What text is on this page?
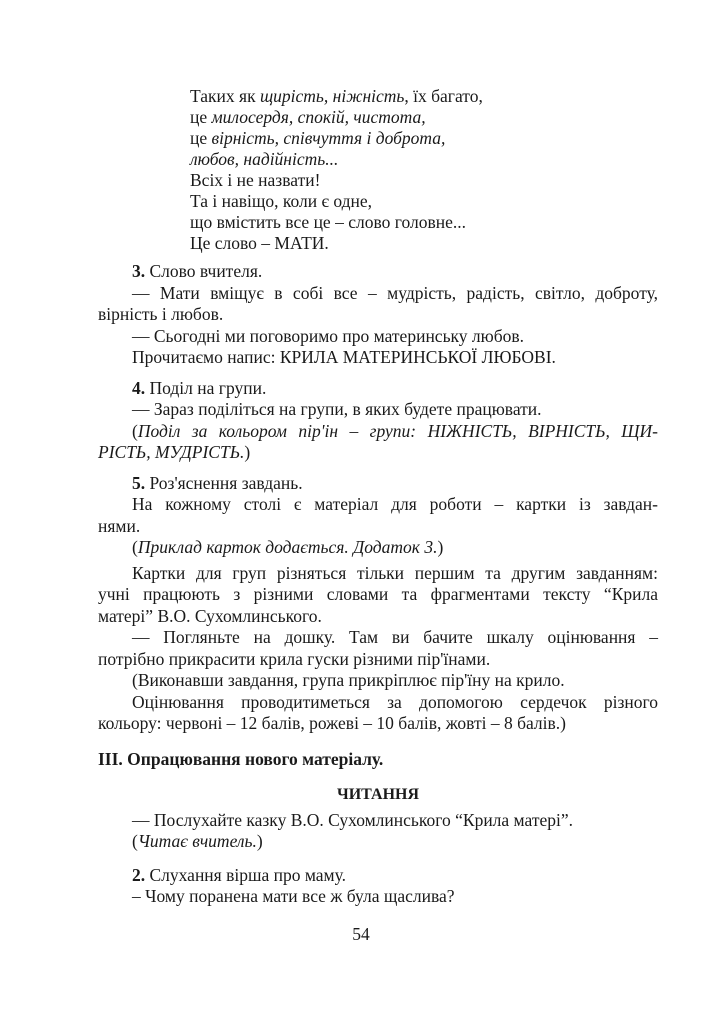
Таких як щирість, ніжність, їх багато,
це милосердя, спокій, чистота,
це вірність, співчуття і доброта,
любов, надійність...
Всіх і не назвати!
Та і навіщо, коли є одне,
що вмістить все це – слово головне...
Це слово – МАТИ.
3. Слово вчителя.
— Мати вміщує в собі все – мудрість, радість, світло, доброту,
вірність і любов.
— Сьогодні ми поговоримо про материнську любов.
Прочитаємо напис: КРИЛА МАТЕРИНСЬКОЇ ЛЮБОВІ.
4. Поділ на групи.
— Зараз поділіться на групи, в яких будете працювати.
(Поділ за кольором пір'ін – групи: НІЖНІСТЬ, ВІРНІСТЬ, ЩИ-
РІСТЬ, МУДРІСТЬ.)
5. Роз'яснення завдань.
На кожному столі є матеріал для роботи – картки із завдан-
нями.
(Приклад карток додається. Додаток 3.)
Картки для груп різняться тільки першим та другим завданням:
учні працюють з різними словами та фрагментами тексту “Крила
матері” В.О. Сухомлинського.
— Погляньте на дошку. Там ви бачите шкалу оцінювання –
потрібно прикрасити крила гуски різними пір'їнами.
(Виконавши завдання, група прикріплює пір'їну на крило.
Оцінювання проводитиметься за допомогою сердечок різного
кольору: червоні – 12 балів, рожеві – 10 балів, жовті – 8 балів.)
III. Опрацювання нового матеріалу.
ЧИТАННЯ
— Послухайте казку В.О. Сухомлинського “Крила матері”.
(Читає вчитель.)
2. Слухання вірша про маму.
– Чому поранена мати все ж була щаслива?
54
